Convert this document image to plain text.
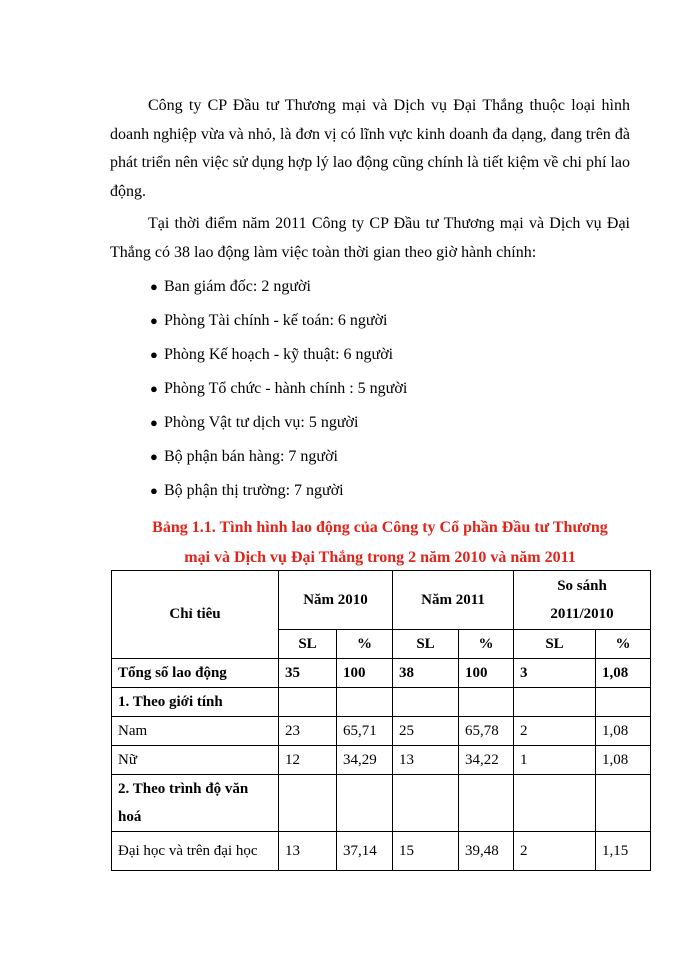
Công ty CP Đầu tư Thương mại và Dịch vụ Đại Thắng thuộc loại hình doanh nghiệp vừa và nhỏ, là đơn vị có lĩnh vực kinh doanh đa dạng, đang trên đà phát triển nên việc sử dụng hợp lý lao động cũng chính là tiết kiệm về chi phí lao động.

Tại thời điểm năm 2011 Công ty CP Đầu tư Thương mại và Dịch vụ Đại Thắng có 38 lao động làm việc toàn thời gian theo giờ hành chính:

● Ban giám đốc: 2 người
● Phòng Tài chính - kế toán: 6 người
● Phòng Kế hoạch - kỹ thuật: 6 người
● Phòng Tổ chức - hành chính : 5 người
● Phòng Vật tư dịch vụ: 5 người
● Bộ phận bán hàng: 7 người
● Bộ phận thị trường: 7 người
Bảng 1.1. Tình hình lao động của Công ty Cổ phần Đầu tư Thương
mại và Dịch vụ Đại Thắng trong 2 năm 2010 và năm 2011
Chỉ tiêu	Năm 2010		Năm 2011		So sánh
2011/2010	

	SL	%	SL	%	SL	%
Tổng số lao động	35	100	38	100	3	1,08
1. Theo giới tính						
Nam	23	65,71	25	65,78	2	1,08
Nữ	12	34,29	13	34,22	1	1,08

2. Theo trình độ văn
hoá						

Đại học và trên đại học	13	37,14	15	39,48	2	1,15
